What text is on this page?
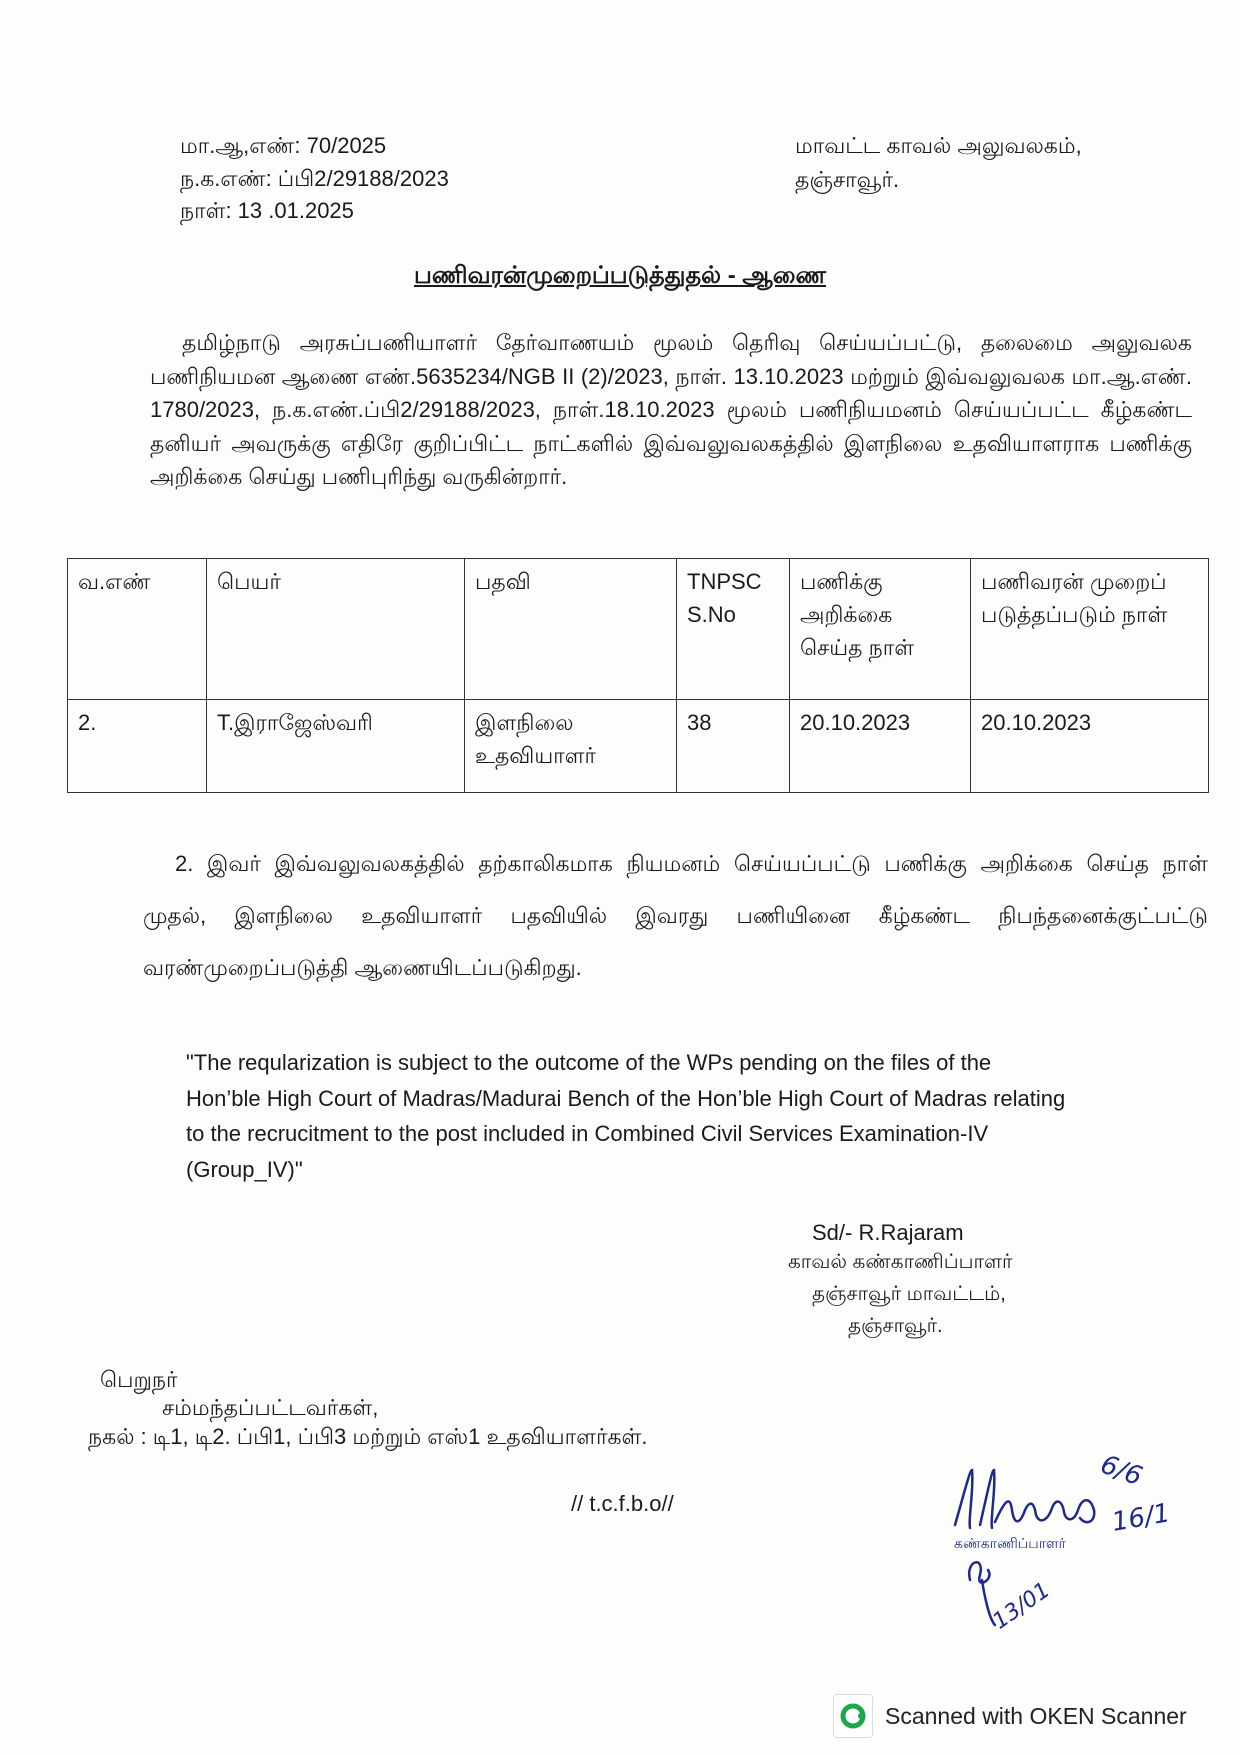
மா.ஆ,எண்: 70/2025
ந.க.எண்: ப்பி2/29188/2023
நாள்: 13 .01.2025
மாவட்ட காவல் அலுவலகம்,
தஞ்சாவூர்.
பணிவரன்முறைப்படுத்துதல் - ஆணை
தமிழ்நாடு அரசுப்பணியாளர் தேர்வாணயம் மூலம் தெரிவு செய்யப்பட்டு, தலைமை அலுவலக பணிநியமன ஆணை எண்.5635234/NGB II (2)/2023, நாள். 13.10.2023 மற்றும் இவ்வலுவலக மா.ஆ.எண். 1780/2023, ந.க.எண்.ப்பி2/29188/2023, நாள்.18.10.2023 மூலம் பணிநியமனம் செய்யப்பட்ட கீழ்கண்ட தனியர் அவருக்கு எதிரே குறிப்பிட்ட நாட்களில் இவ்வலுவலகத்தில் இளநிலை உதவியாளராக பணிக்கு அறிக்கை செய்து பணிபுரிந்து வருகின்றார்.
வ.எண்	பெயர்	பதவி	TNPSC S.No	பணிக்கு அறிக்கை செய்த நாள்	பணிவரன் முறைப் படுத்தப்படும் நாள்
2.	T.இராஜேஸ்வரி	இளநிலை உதவியாளர்	38	20.10.2023	20.10.2023
2. இவர் இவ்வலுவலகத்தில் தற்காலிகமாக நியமனம் செய்யப்பட்டு பணிக்கு அறிக்கை செய்த நாள் முதல், இளநிலை உதவியாளர் பதவியில் இவரது பணியினை கீழ்கண்ட நிபந்தனைக்குட்பட்டு வரண்முறைப்படுத்தி ஆணையிடப்படுகிறது.
"The reqularization is subject to the outcome of the WPs pending on the files of the Hon’ble High Court of Madras/Madurai Bench of the Hon’ble High Court of Madras relating to the recrucitment to the post included in Combined Civil Services Examination-IV (Group_IV)"
Sd/- R.Rajaram
காவல் கண்காணிப்பாளர்
தஞ்சாவூர் மாவட்டம்,
தஞ்சாவூர்.
பெறுநர்
சம்மந்தப்பட்டவர்கள்,
நகல் : டி1, டி2. ப்பி1, ப்பி3 மற்றும் எஸ்1 உதவியாளர்கள்.
// t.c.f.b.o//
கண்காணிப்பாளர்
6/6
16/1
13/01
Scanned with OKEN Scanner
